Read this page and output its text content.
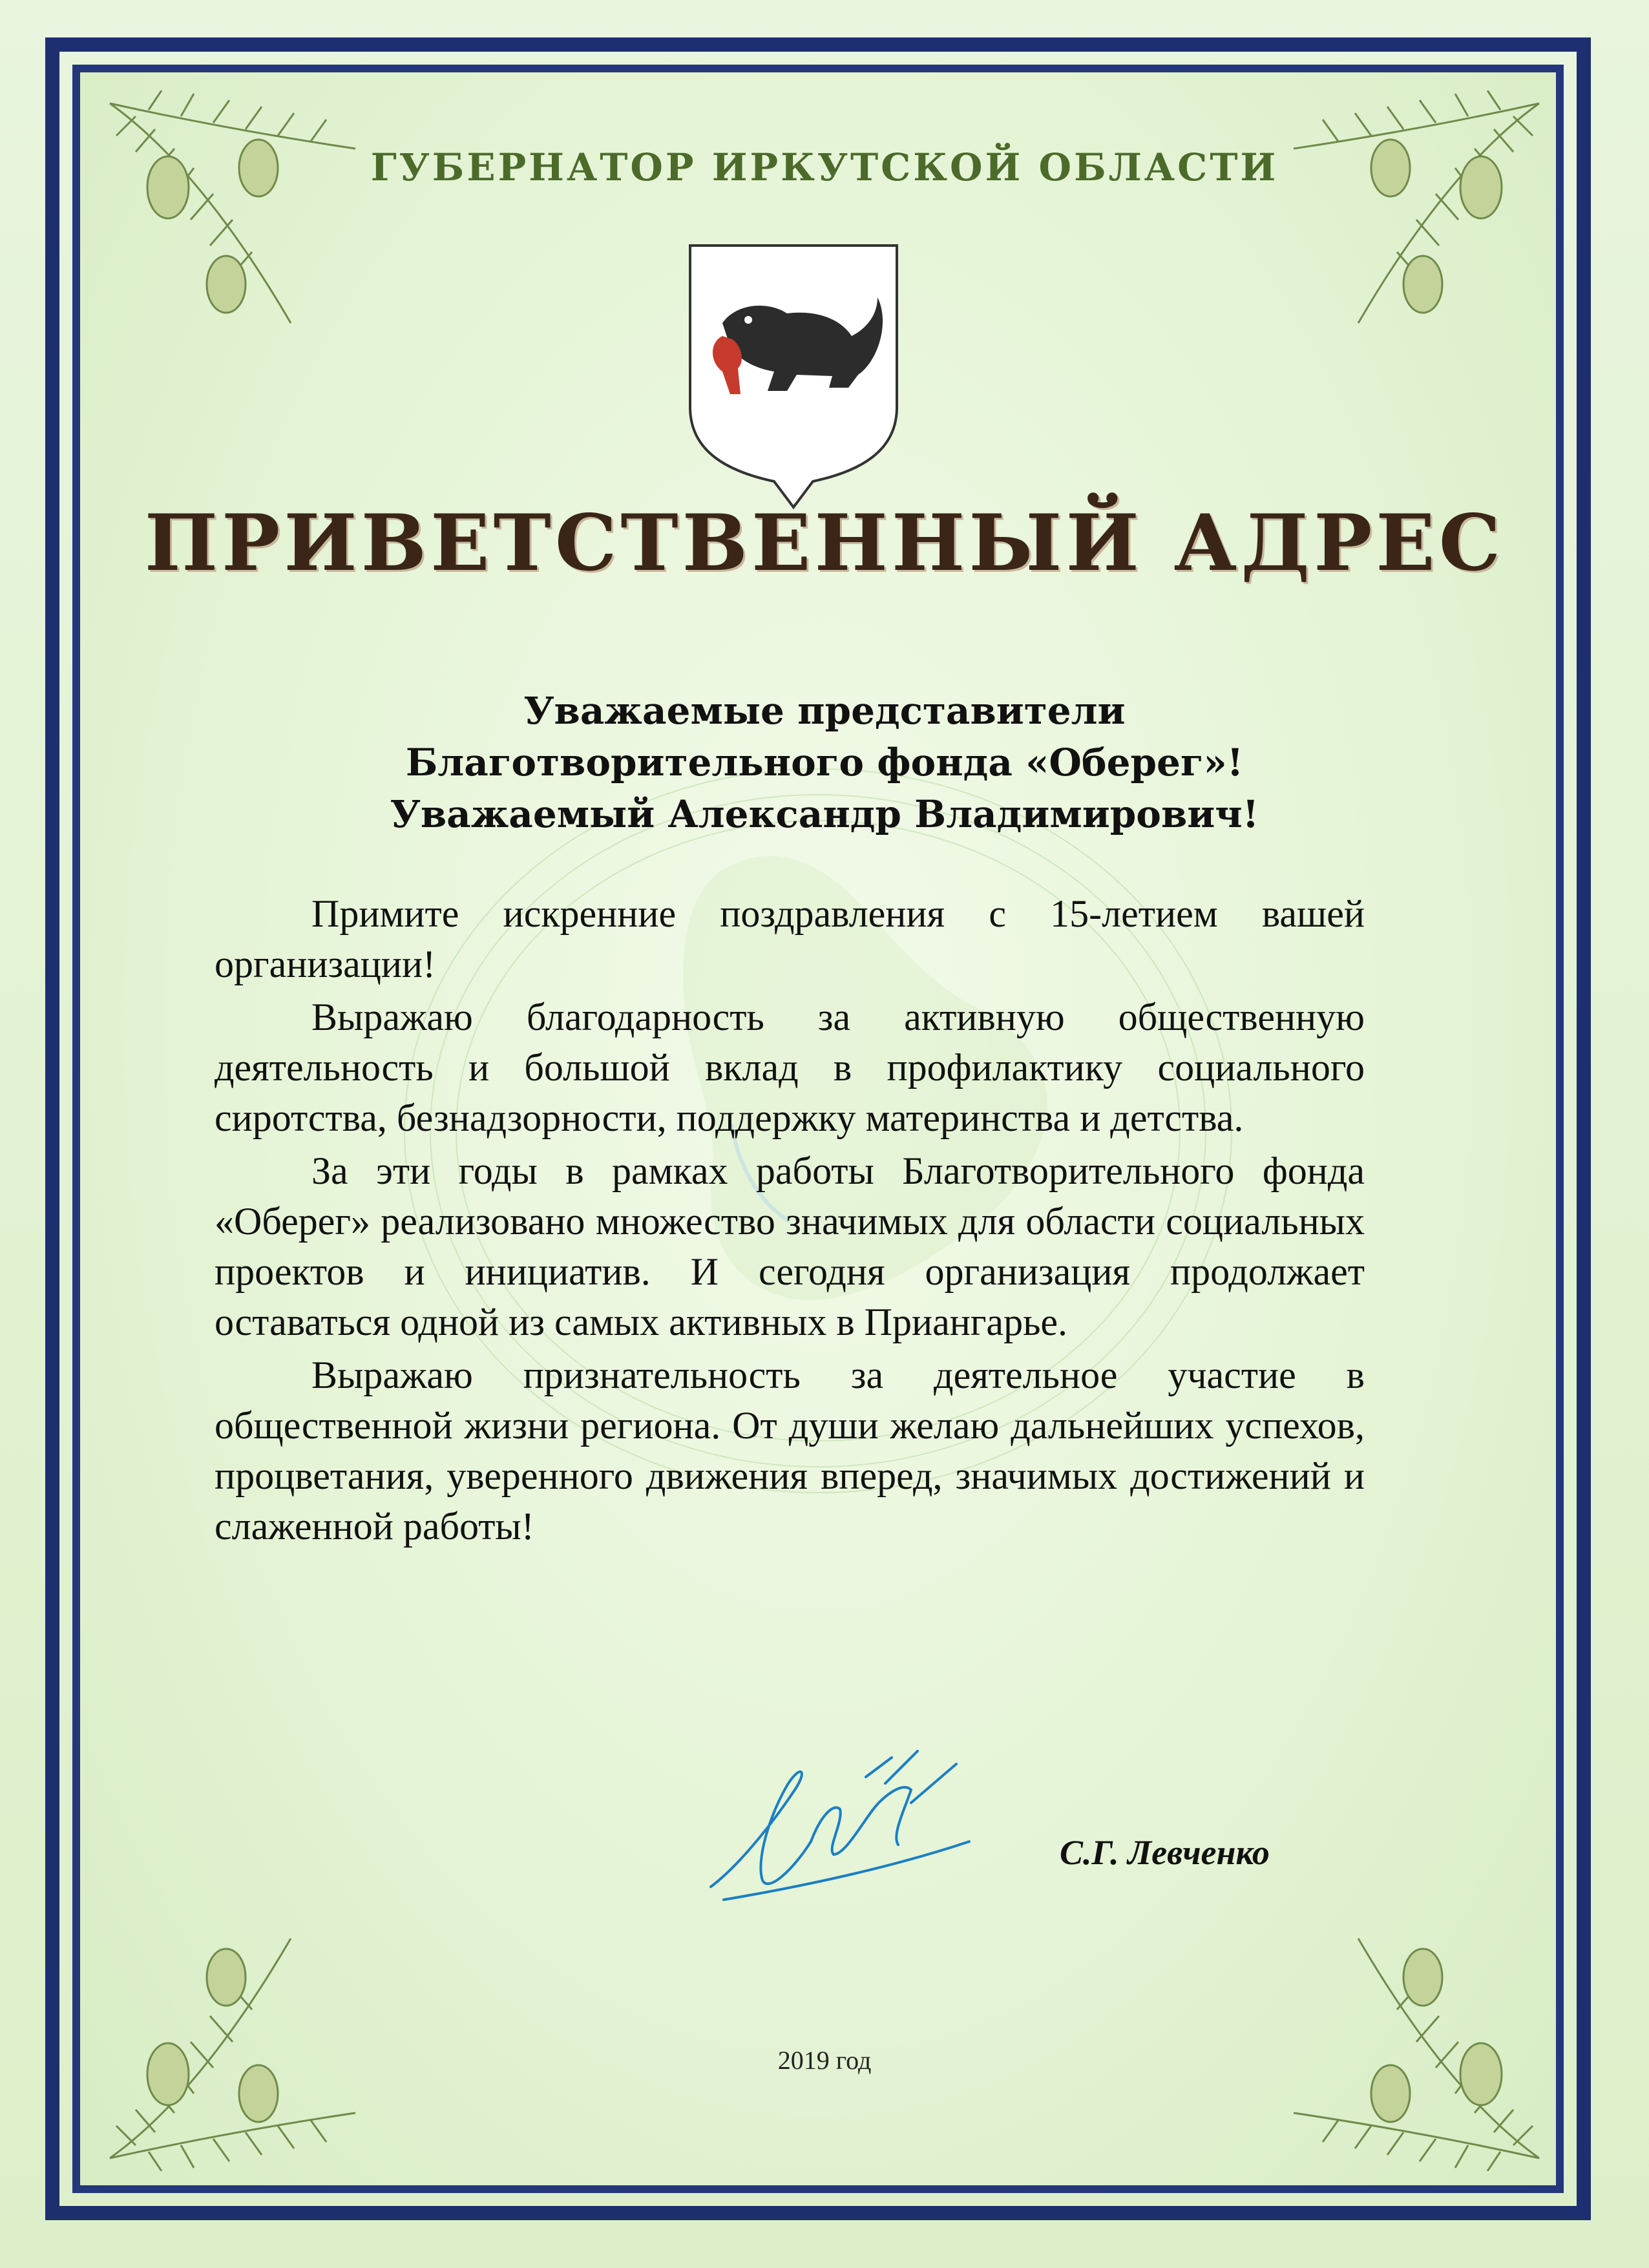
ГУБЕРНАТОР ИРКУТСКОЙ ОБЛАСТИ
ПРИВЕТСТВЕННЫЙ АДРЕС
Уважаемые представители
Благотворительного фонда «Оберег»!
Уважаемый Александр Владимирович!

Примите искренние поздравления с 15-летием вашей организации!

Выражаю благодарность за активную общественную деятельность и большой вклад в профилактику социального сиротства, безнадзорности, поддержку материнства и детства.

За эти годы в рамках работы Благотворительного фонда «Оберег» реализовано множество значимых для области социальных проектов и инициатив. И сегодня организация продолжает оставаться одной из самых активных в Приангарье.

Выражаю признательность за деятельное участие в общественной жизни региона. От души желаю дальнейших успехов, процветания, уверенного движения вперед, значимых достижений и слаженной работы!

С.Г. Левченко
2019 год
